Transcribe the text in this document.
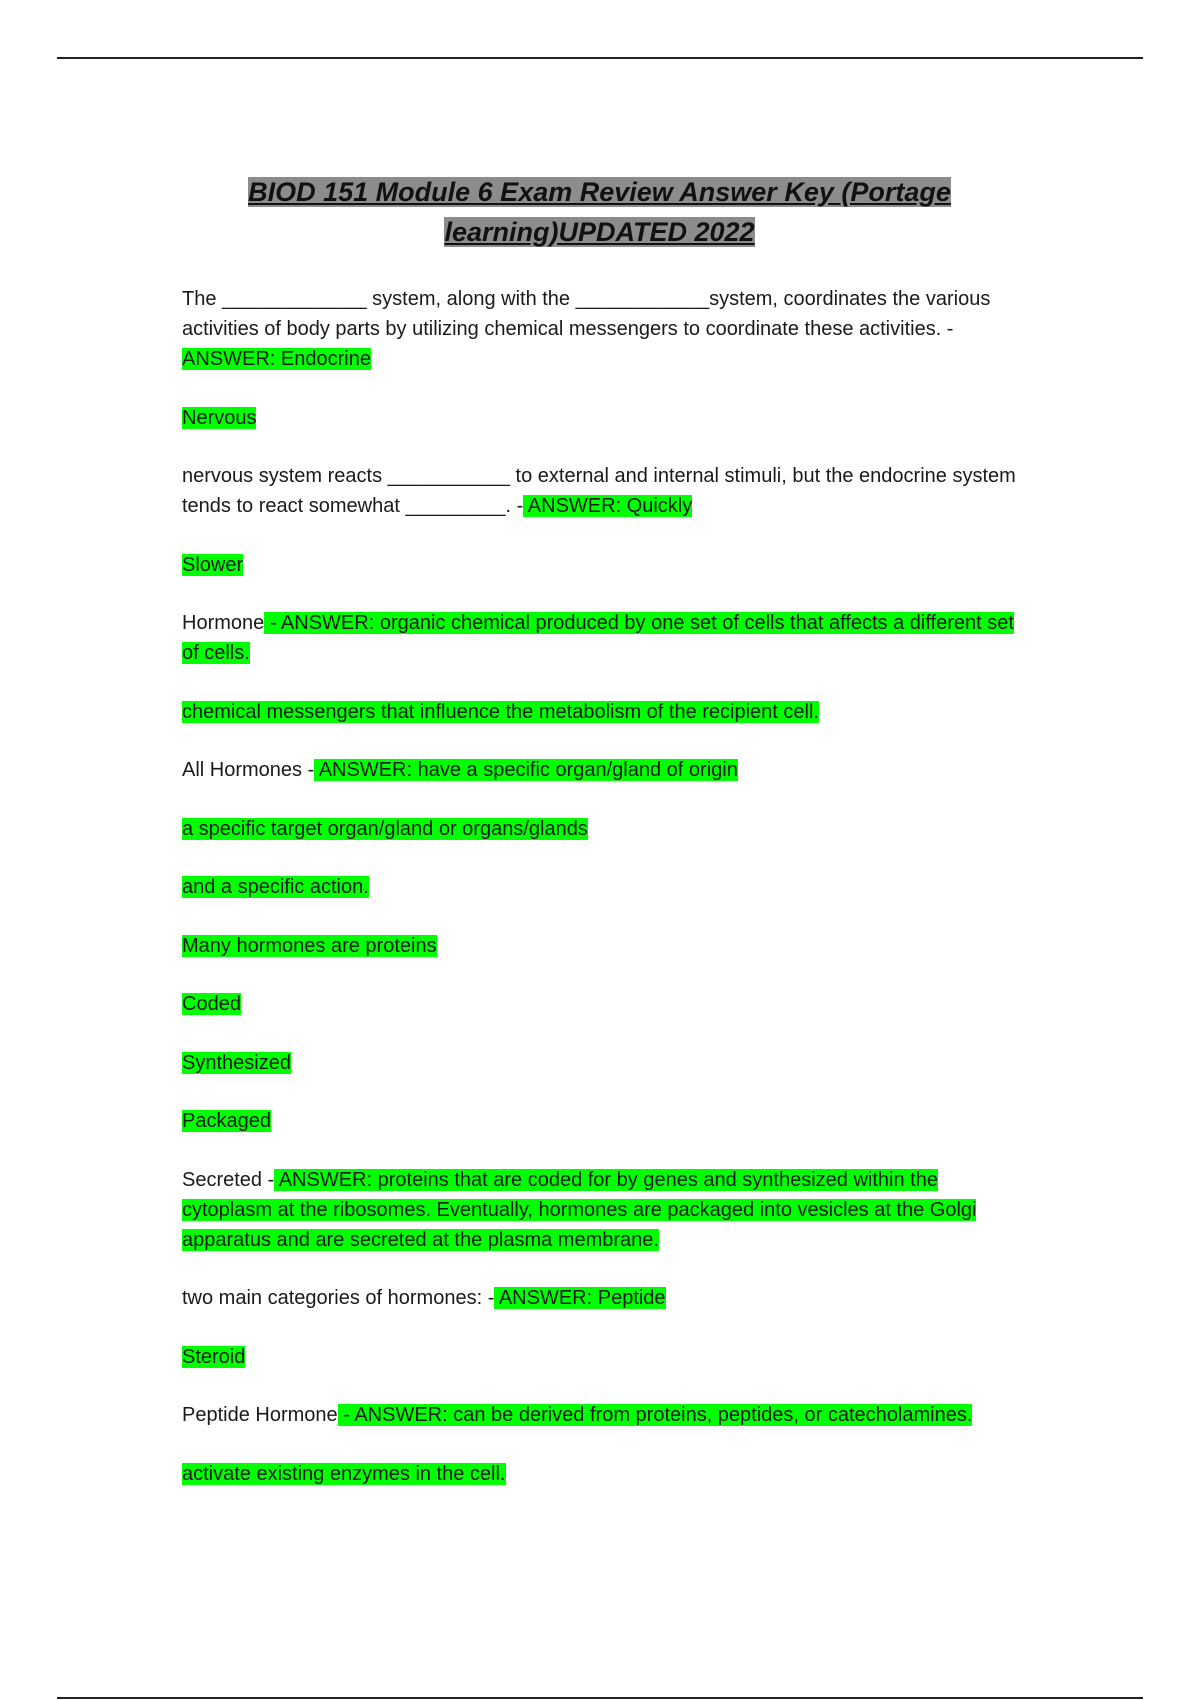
BIOD 151 Module 6 Exam Review Answer Key (Portage learning)UPDATED 2022

The _____________ system, along with the ____________system, coordinates the various activities of body parts by utilizing chemical messengers to coordinate these activities. - ANSWER: Endocrine

Nervous

nervous system reacts ___________ to external and internal stimuli, but the endocrine system tends to react somewhat _________. - ANSWER: Quickly

Slower

Hormone - ANSWER: organic chemical produced by one set of cells that affects a different set of cells.

chemical messengers that influence the metabolism of the recipient cell.

All Hormones - ANSWER: have a specific organ/gland of origin

a specific target organ/gland or organs/glands

and a specific action.

Many hormones are proteins

Coded

Synthesized

Packaged

Secreted - ANSWER: proteins that are coded for by genes and synthesized within the cytoplasm at the ribosomes. Eventually, hormones are packaged into vesicles at the Golgi apparatus and are secreted at the plasma membrane.

two main categories of hormones: - ANSWER: Peptide

Steroid

Peptide Hormone - ANSWER: can be derived from proteins, peptides, or catecholamines.

activate existing enzymes in the cell.
